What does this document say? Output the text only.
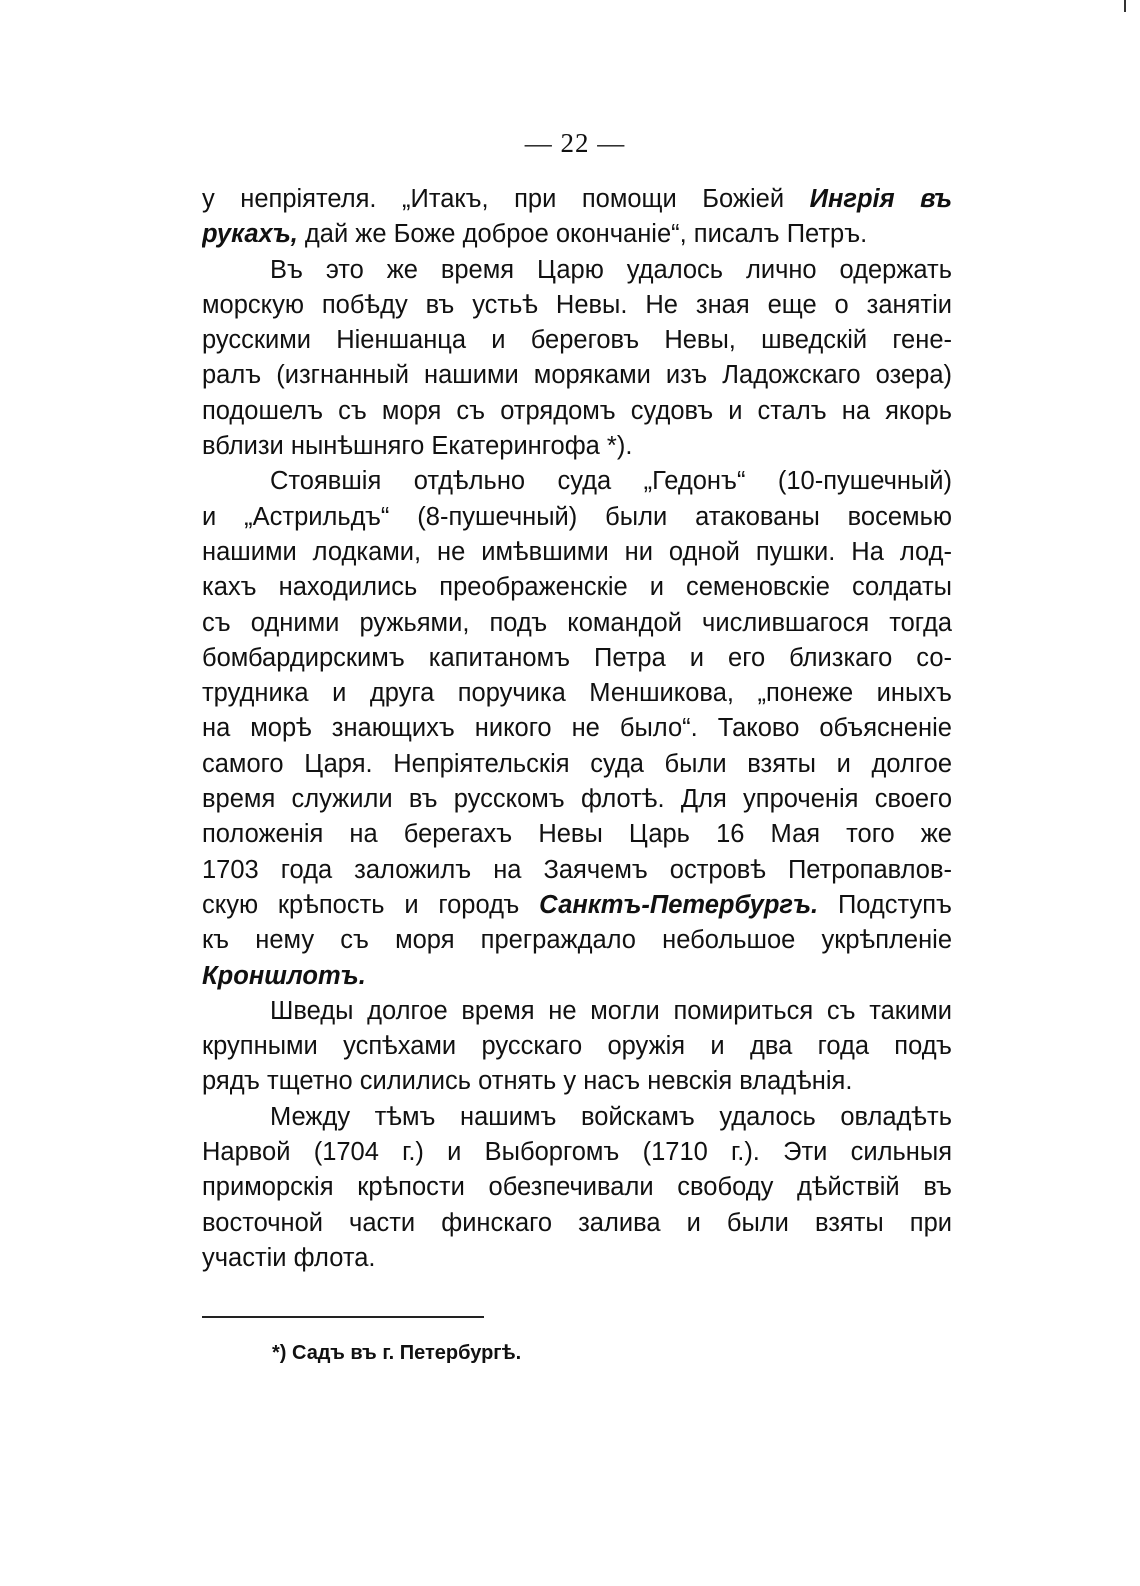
— 22 —
у непріятеля. „Итакъ, при помощи Божіей Ингрія въ
рукахъ, дай же Боже доброе окончаніе“, писалъ Петръ.
Въ это же время Царю удалось лично одержать
морскую побѣду въ устьѣ Невы. Не зная еще о занятіи
русскими Ніеншанца и береговъ Невы, шведскій гене-
ралъ (изгнанный нашими моряками изъ Ладожскаго озера)
подошелъ съ моря съ отрядомъ судовъ и сталъ на якорь
вблизи нынѣшняго Екатерингофа *).
Стоявшія отдѣльно суда „Гедонъ“ (10-пушечный)
и „Астрильдъ“ (8-пушечный) были атакованы восемью
нашими лодками, не имѣвшими ни одной пушки. На лод-
кахъ находились преображенскіе и семеновскіе солдаты
съ одними ружьями, подъ командой числившагося тогда
бомбардирскимъ капитаномъ Петра и его близкаго со-
трудника и друга поручика Меншикова, „понеже иныхъ
на морѣ знающихъ никого не было“. Таково объясненіе
самого Царя. Непріятельскія суда были взяты и долгое
время служили въ русскомъ флотѣ. Для упроченія своего
положенія на берегахъ Невы Царь 16 Мая того же
1703 года заложилъ на Заячемъ островѣ Петропавлов-
скую крѣпость и городъ Санктъ-Петербургъ. Подступъ
къ нему съ моря преграждало небольшое укрѣпленіе
Кроншлотъ.
Шведы долгое время не могли помириться съ такими
крупными успѣхами русскаго оружія и два года подъ
рядъ тщетно силились отнять у насъ невскія владѣнія.
Между тѣмъ нашимъ войскамъ удалось овладѣть
Нарвой (1704 г.) и Выборгомъ (1710 г.). Эти сильныя
приморскія крѣпости обезпечивали свободу дѣйствій въ
восточной части финскаго залива и были взяты при
участіи флота.
*) Садъ въ г. Петербургѣ.
